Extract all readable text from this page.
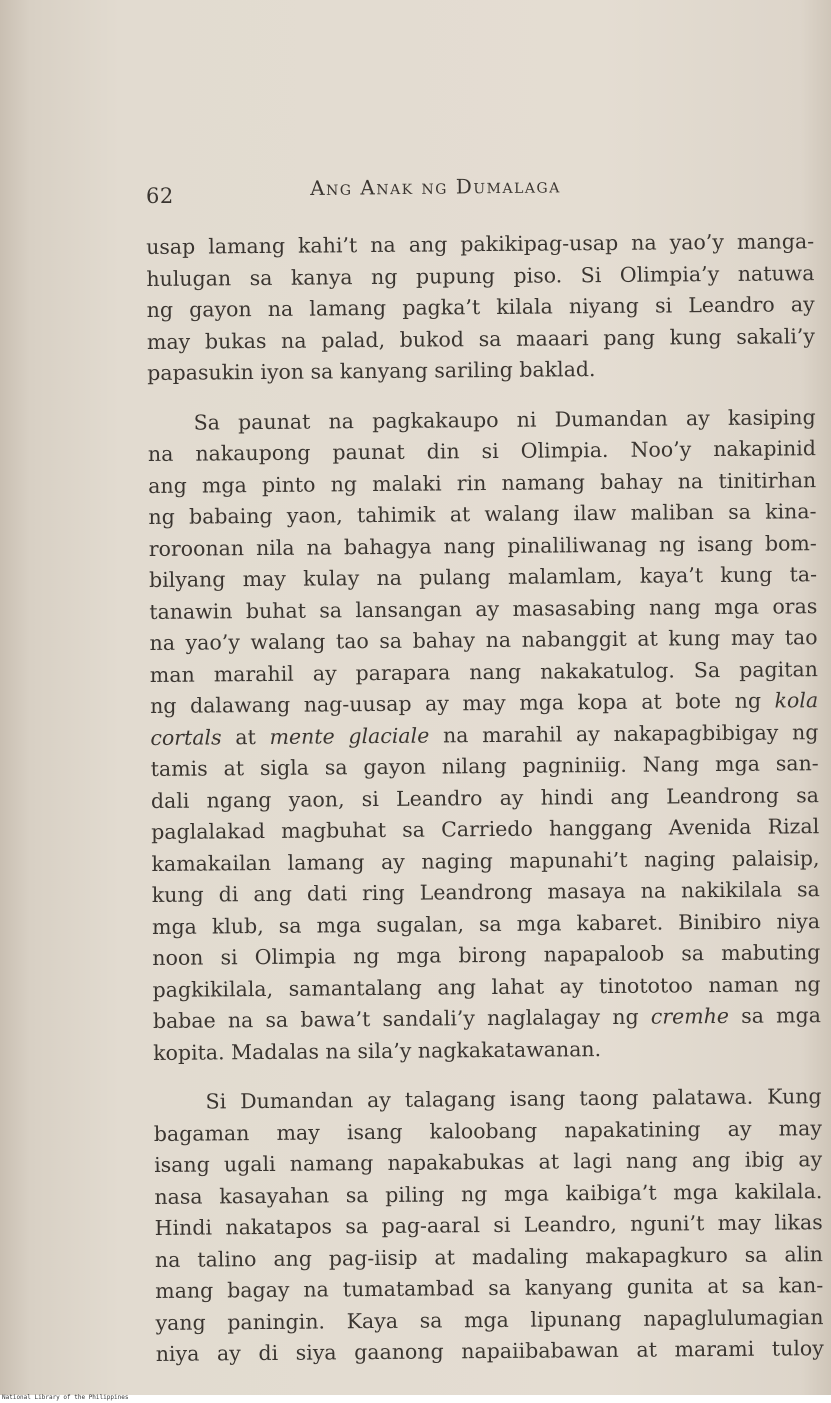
62	Ang Anak ng Dumalaga
usap lamang kahi’t na ang pakikipag-usap na yao’y manga-
hulugan sa kanya ng pupung piso. Si Olimpia’y natuwa
ng gayon na lamang pagka’t kilala niyang si Leandro ay
may bukas na palad, bukod sa maaari pang kung sakali’y
papasukin iyon sa kanyang sariling baklad.
Sa paunat na pagkakaupo ni Dumandan ay kasiping
na nakaupong paunat din si Olimpia. Noo’y nakapinid
ang mga pinto ng malaki rin namang bahay na tinitirhan
ng babaing yaon, tahimik at walang ilaw maliban sa kina-
roroonan nila na bahagya nang pinaliliwanag ng isang bom-
bilyang may kulay na pulang malamlam, kaya’t kung ta-
tanawin buhat sa lansangan ay masasabing nang mga oras
na yao’y walang tao sa bahay na nabanggit at kung may tao
man marahil ay parapara nang nakakatulog. Sa pagitan
ng dalawang nag-uusap ay may mga kopa at bote ng kola
cortals at mente glaciale na marahil ay nakapagbibigay ng
tamis at sigla sa gayon nilang pagniniig. Nang mga san-
dali ngang yaon, si Leandro ay hindi ang Leandrong sa
paglalakad magbuhat sa Carriedo hanggang Avenida Rizal
kamakailan lamang ay naging mapunahi’t naging palaisip,
kung di ang dati ring Leandrong masaya na nakikilala sa
mga klub, sa mga sugalan, sa mga kabaret. Binibiro niya
noon si Olimpia ng mga birong napapaloob sa mabuting
pagkikilala, samantalang ang lahat ay tinototoo naman ng
babae na sa bawa’t sandali’y naglalagay ng cremhe sa mga
kopita. Madalas na sila’y nagkakatawanan.
Si Dumandan ay talagang isang taong palatawa. Kung
bagaman may isang kaloobang napakatining ay may
isang ugali namang napakabukas at lagi nang ang ibig ay
nasa kasayahan sa piling ng mga kaibiga’t mga kakilala.
Hindi nakatapos sa pag-aaral si Leandro, nguni’t may likas
na talino ang pag-iisip at madaling makapagkuro sa alin
mang bagay na tumatambad sa kanyang gunita at sa kan-
yang paningin. Kaya sa mga lipunang napaglulumagian
niya ay di siya gaanong napaiibabawan at marami tuloy
National Library of the Philippines
